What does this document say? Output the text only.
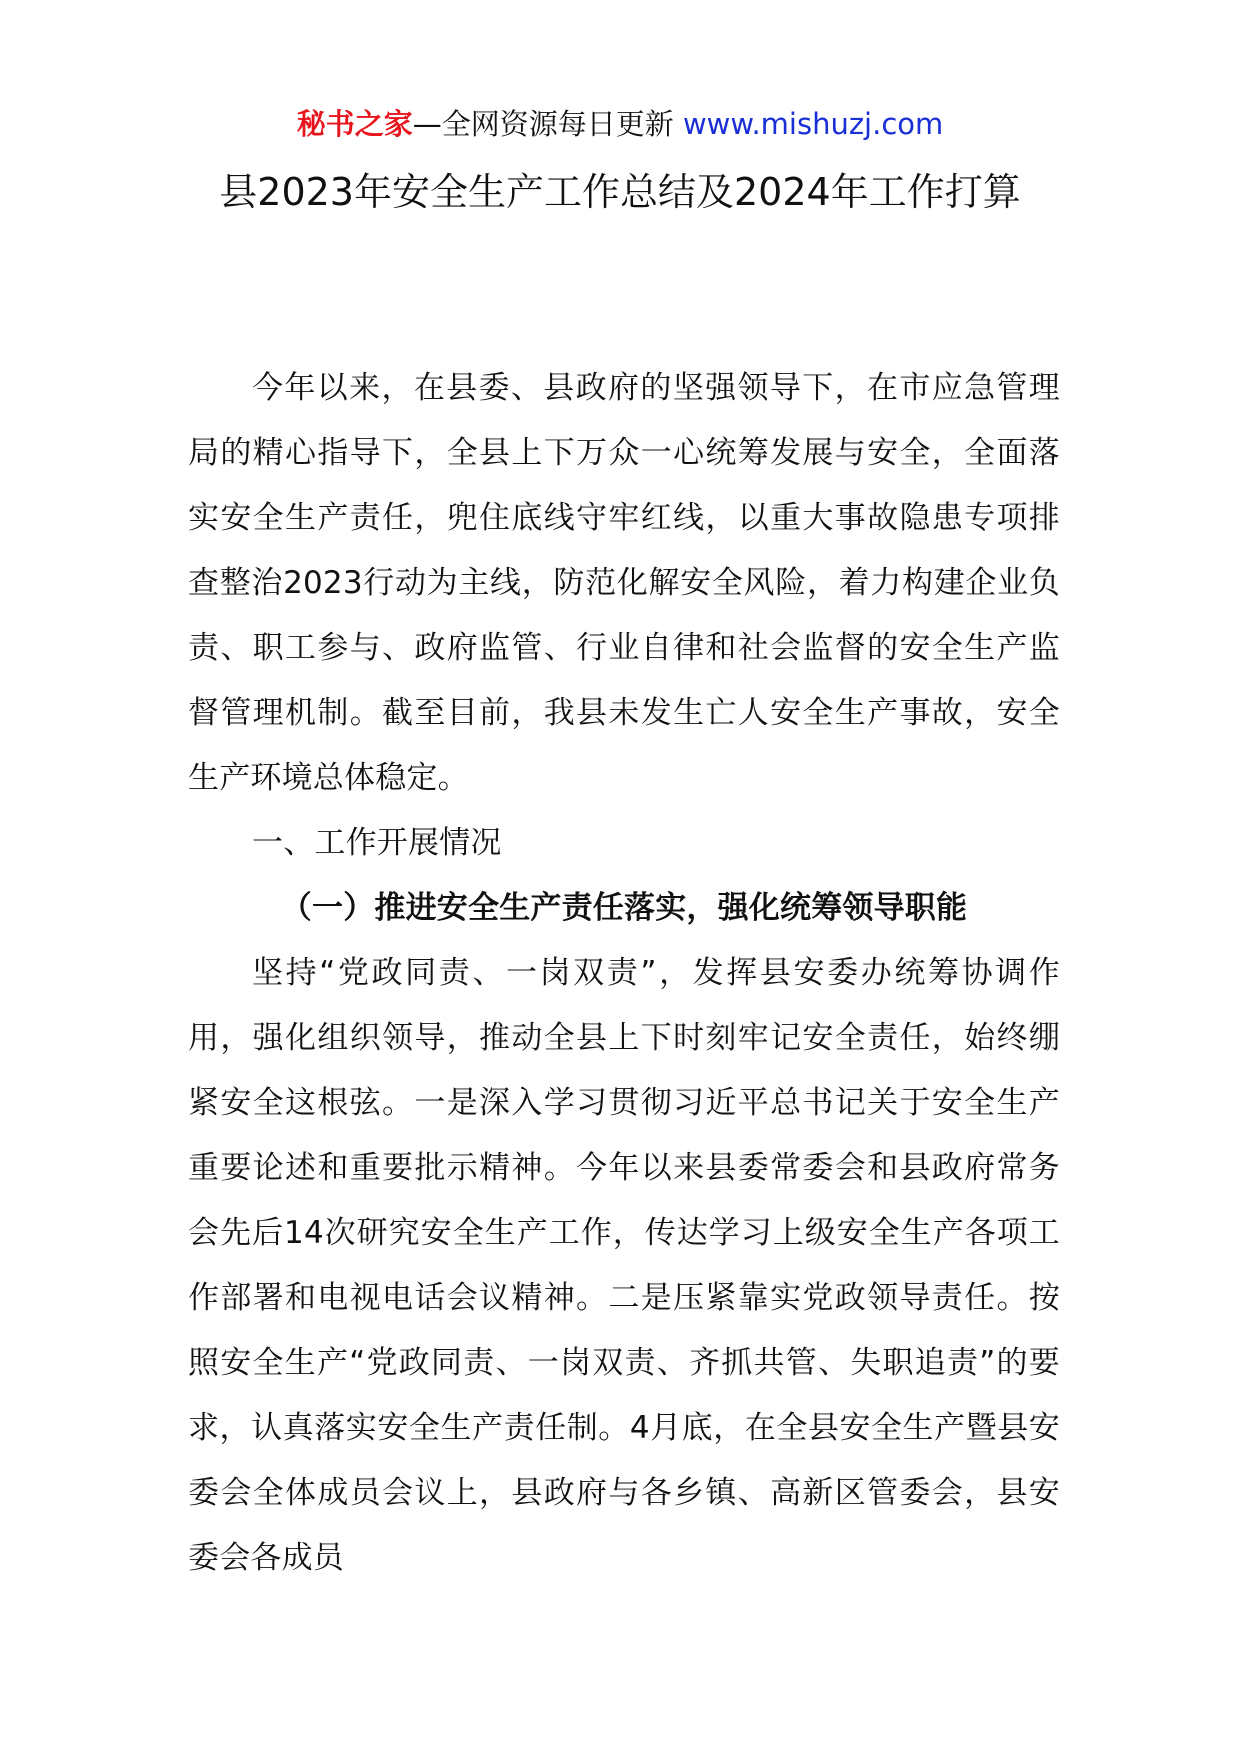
秘书之家—全网资源每日更新 www.mishuzj.com
县2023年安全生产工作总结及2024年工作打算

今年以来，在县委、县政府的坚强领导下，在市应急管理局的精心指导下，全县上下万众一心统筹发展与安全，全面落实安全生产责任，兜住底线守牢红线，以重大事故隐患专项排查整治2023行动为主线，防范化解安全风险，着力构建企业负责、职工参与、政府监管、行业自律和社会监督的安全生产监督管理机制。截至目前，我县未发生亡人安全生产事故，安全生产环境总体稳定。

一、工作开展情况
（一）推进安全生产责任落实，强化统筹领导职能

坚持“党政同责、一岗双责”，发挥县安委办统筹协调作用，强化组织领导，推动全县上下时刻牢记安全责任，始终绷紧安全这根弦。一是深入学习贯彻习近平总书记关于安全生产重要论述和重要批示精神。今年以来县委常委会和县政府常务会先后14次研究安全生产工作，传达学习上级安全生产各项工作部署和电视电话会议精神。二是压紧靠实党政领导责任。按照安全生产“党政同责、一岗双责、齐抓共管、失职追责”的要求，认真落实安全生产责任制。4月底，在全县安全生产暨县安委会全体成员会议上，县政府与各乡镇、高新区管委会，县安委会各成员
